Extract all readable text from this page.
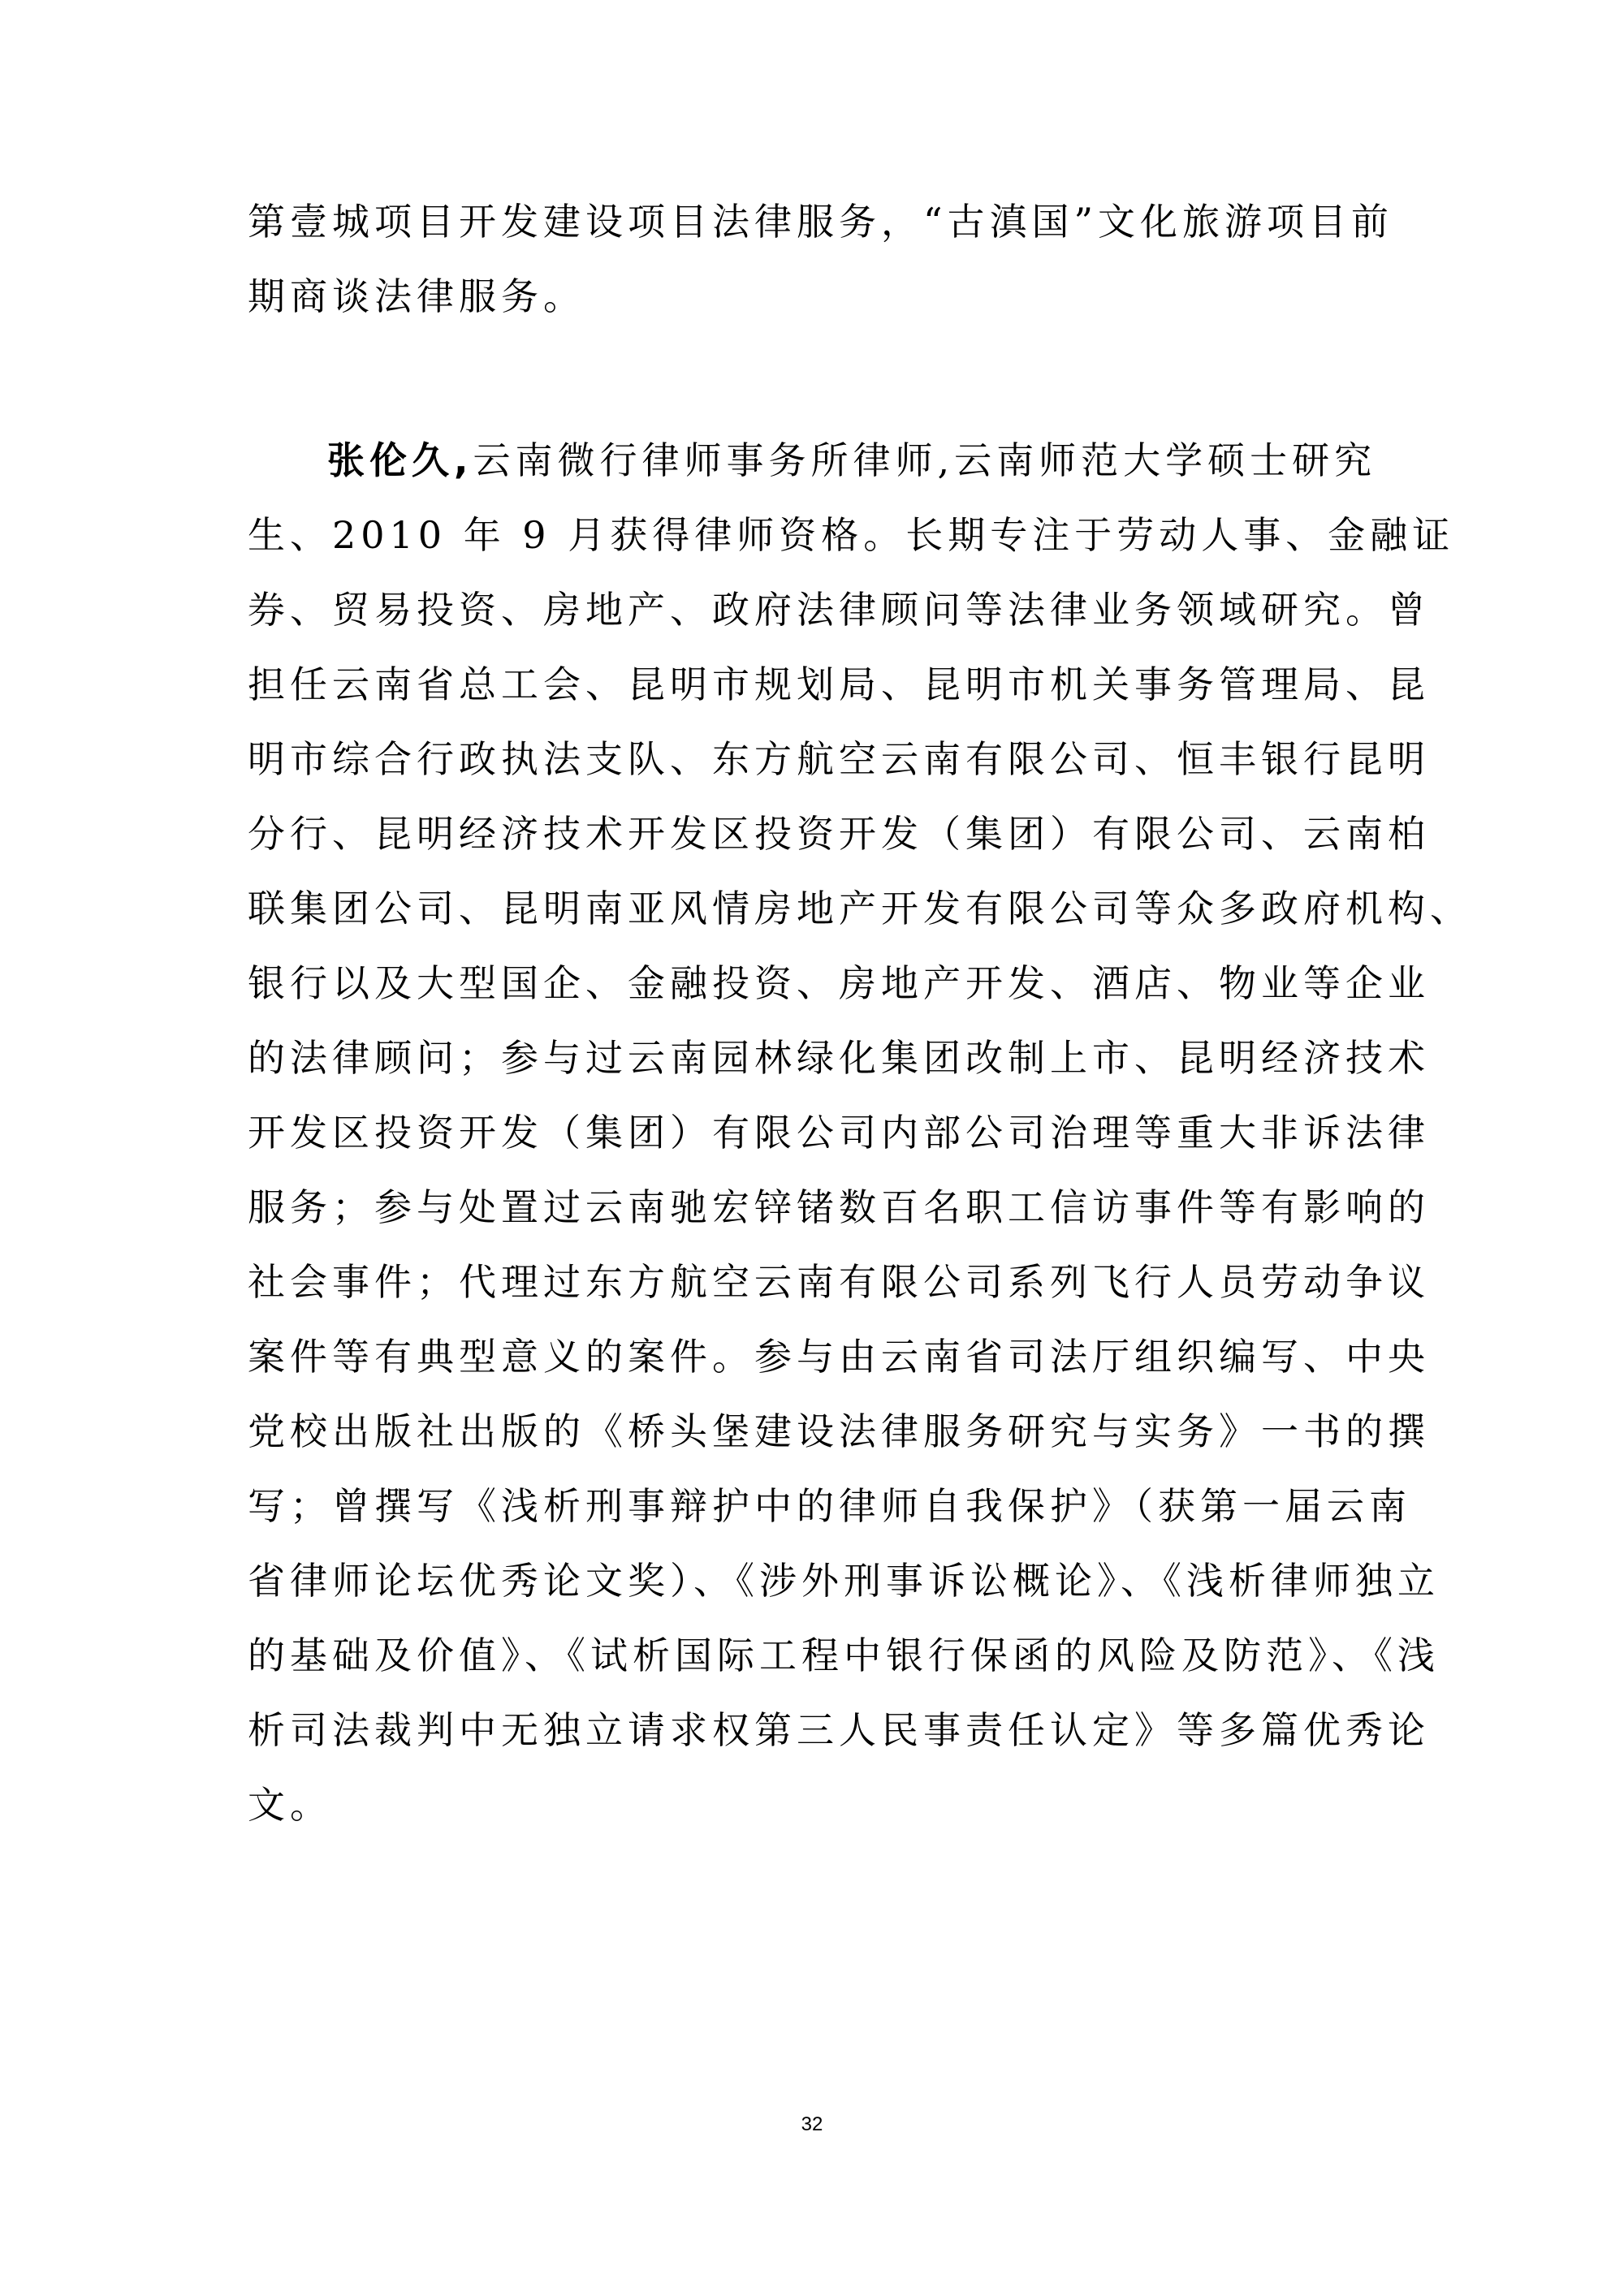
第壹城项目开发建设项目法律服务，“古滇国”文化旅游项目前
期商谈法律服务。
张伦久,云南微行律师事务所律师,云南师范大学硕士研究
生、2010 年 9 月获得律师资格。长期专注于劳动人事、金融证
券、贸易投资、房地产、政府法律顾问等法律业务领域研究。曾
担任云南省总工会、昆明市规划局、昆明市机关事务管理局、昆
明市综合行政执法支队、东方航空云南有限公司、恒丰银行昆明
分行、昆明经济技术开发区投资开发（集团）有限公司、云南柏
联集团公司、昆明南亚风情房地产开发有限公司等众多政府机构、
银行以及大型国企、金融投资、房地产开发、酒店、物业等企业
的法律顾问；参与过云南园林绿化集团改制上市、昆明经济技术
开发区投资开发（集团）有限公司内部公司治理等重大非诉法律
服务；参与处置过云南驰宏锌锗数百名职工信访事件等有影响的
社会事件；代理过东方航空云南有限公司系列飞行人员劳动争议
案件等有典型意义的案件。参与由云南省司法厅组织编写、中央
党校出版社出版的《桥头堡建设法律服务研究与实务》一书的撰
写；曾撰写《浅析刑事辩护中的律师自我保护》（获第一届云南
省律师论坛优秀论文奖）、《涉外刑事诉讼概论》、《浅析律师独立
的基础及价值》、《试析国际工程中银行保函的风险及防范》、《浅
析司法裁判中无独立请求权第三人民事责任认定》等多篇优秀论
文。
32
